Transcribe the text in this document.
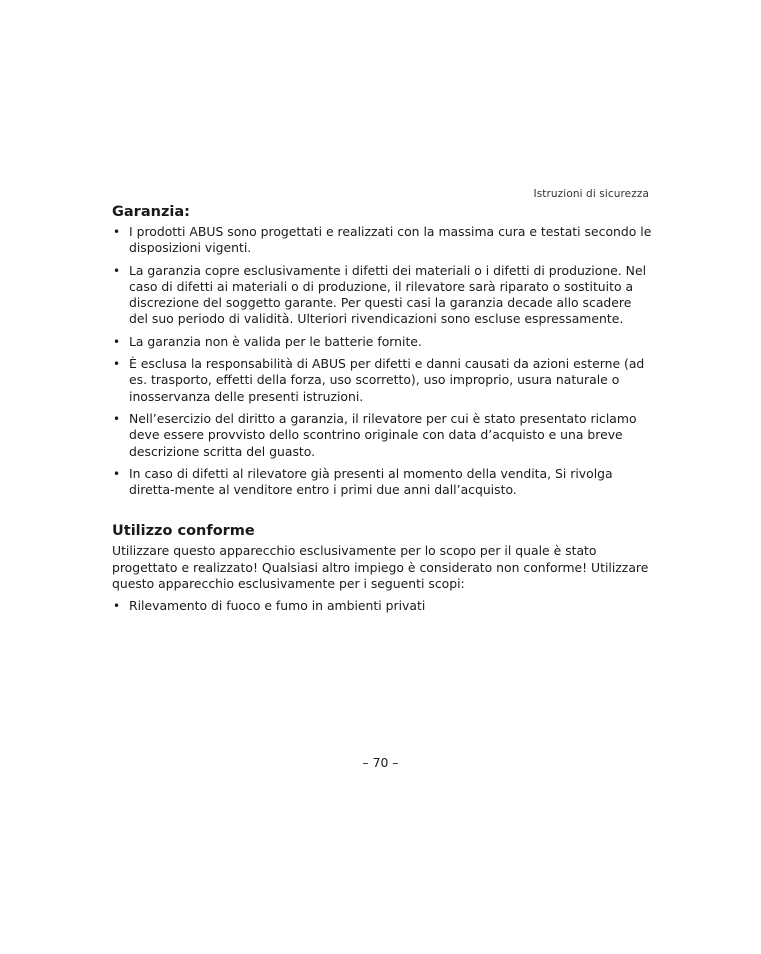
Istruzioni di sicurezza
Garanzia:
• I prodotti ABUS sono progettati e realizzati con la massima cura e testati secondo le disposizioni vigenti.
• La garanzia copre esclusivamente i difetti dei materiali o i difetti di produzione. Nel caso di difetti ai materiali o di produzione, il rilevatore sarà riparato o sostituito a discrezione del soggetto garante. Per questi casi la garanzia decade allo scadere del suo periodo di validità. Ulteriori rivendicazioni sono escluse espressamente.
• La garanzia non è valida per le batterie fornite.
• È esclusa la responsabilità di ABUS per difetti e danni causati da azioni esterne (ad es. trasporto, effetti della forza, uso scorretto), uso improprio, usura naturale o inosservanza delle presenti istruzioni.
• Nell’esercizio del diritto a garanzia, il rilevatore per cui è stato presentato riclamo deve essere provvisto dello scontrino originale con data d’acquisto e una breve descrizione scritta del guasto.
• In caso di difetti al rilevatore già presenti al momento della vendita, Si rivolga diretta-mente al venditore entro i primi due anni dall’acquisto.
Utilizzo conforme

Utilizzare questo apparecchio esclusivamente per lo scopo per il quale è stato progettato e realizzato! Qualsiasi altro impiego è considerato non conforme! Utilizzare questo apparecchio esclusivamente per i seguenti scopi:

• Rilevamento di fuoco e fumo in ambienti privati
– 70 –
